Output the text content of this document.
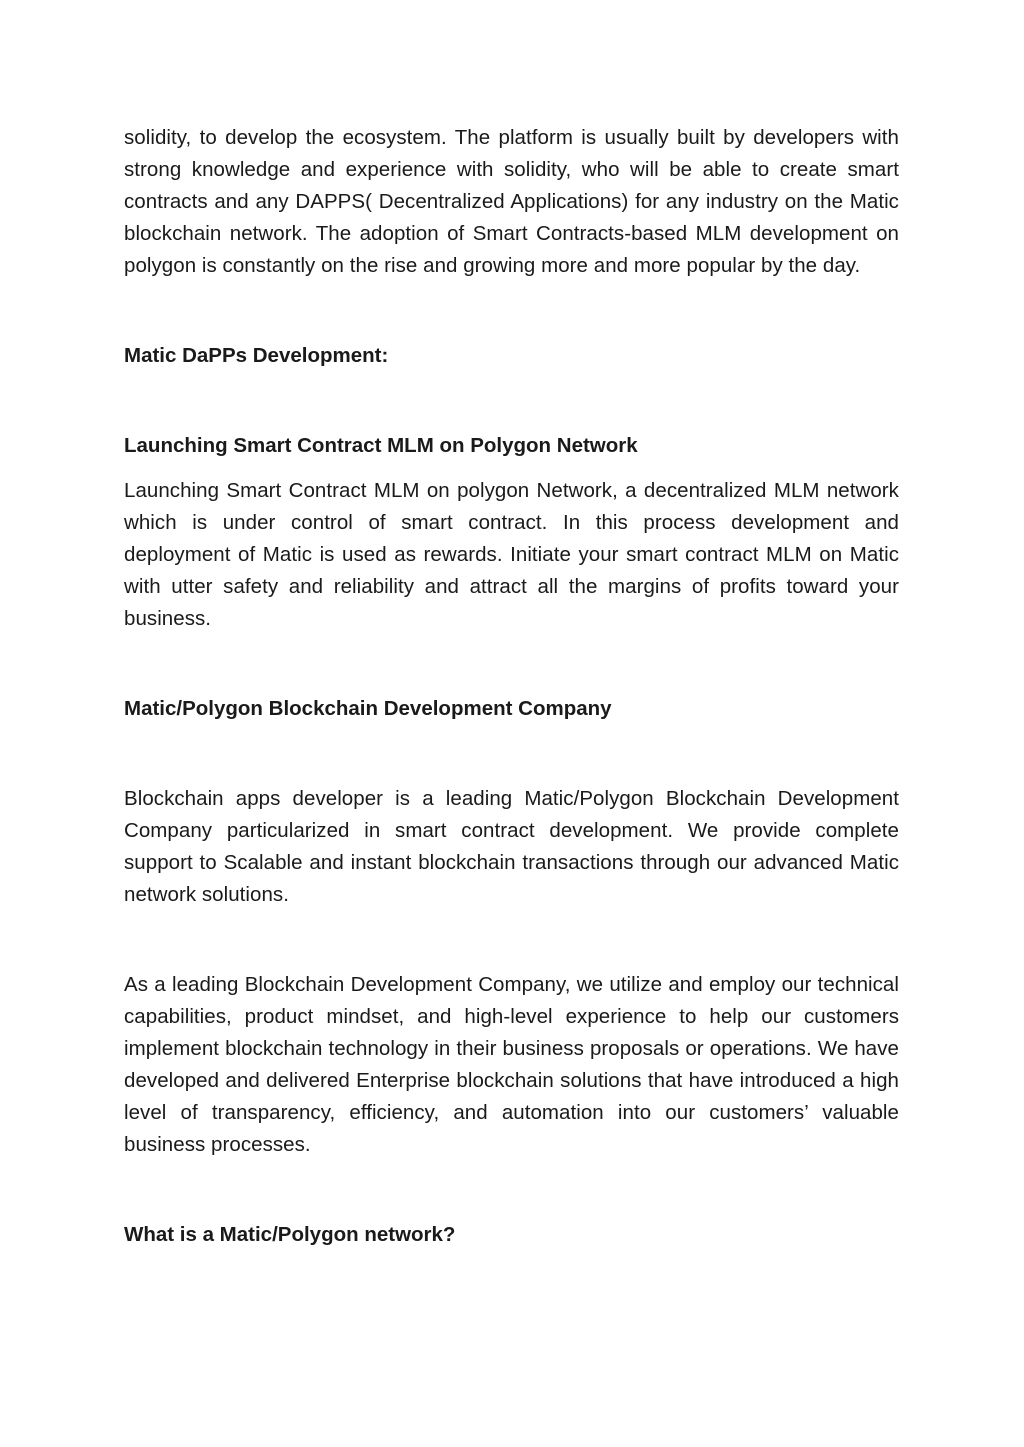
solidity, to develop the ecosystem. The platform is usually built by developers with strong knowledge and experience with solidity, who will be able to create smart contracts and any DAPPS( Decentralized Applications) for any industry on the Matic blockchain network. The adoption of Smart Contracts-based MLM development on polygon is constantly on the rise and growing more and more popular by the day.

Matic DaPPs Development:
Launching Smart Contract MLM on Polygon Network

Launching Smart Contract MLM on polygon Network, a decentralized MLM network which is under control of smart contract. In this process development and deployment of Matic is used as rewards. Initiate your smart contract MLM on Matic with utter safety and reliability and attract all the margins of profits toward your business.

Matic/Polygon Blockchain Development Company

Blockchain apps developer is a leading Matic/Polygon Blockchain Development Company particularized in smart contract development. We provide complete support to Scalable and instant blockchain transactions through our advanced Matic network solutions.

As a leading Blockchain Development Company, we utilize and employ our technical capabilities, product mindset, and high-level experience to help our customers implement blockchain technology in their business proposals or operations. We have developed and delivered Enterprise blockchain solutions that have introduced a high level of transparency, efficiency, and automation into our customers’ valuable business processes.

What is a Matic/Polygon network?
